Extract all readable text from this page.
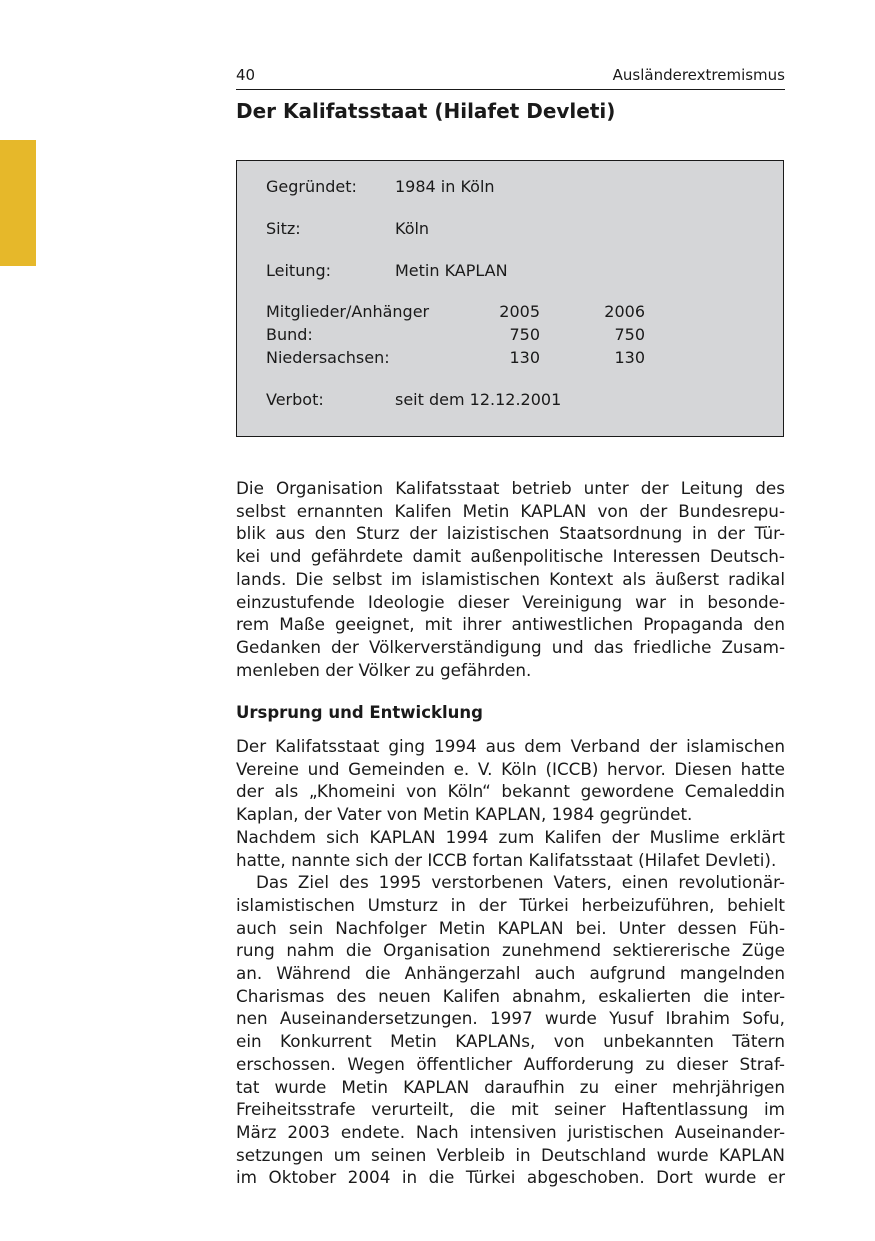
40	Ausländerextremismus
Der Kalifatsstaat (Hilafet Devleti)
Gegründet: 1984 in Köln
Sitz:	Köln
Leitung:	Metin KAPLAN
Mitglieder/Anhänger	2005	2006
Bund:	750	750
Niedersachsen:	130	130
Verbot:	seit dem 12.12.2001

Die Organisation Kalifatsstaat betrieb unter der Leitung des
selbst ernannten Kalifen Metin KAPLAN von der Bundesrepu-
blik aus den Sturz der laizistischen Staatsordnung in der Tür-
kei und gefährdete damit außenpolitische Interessen Deutsch-
lands. Die selbst im islamistischen Kontext als äußerst radikal
einzustufende Ideologie dieser Vereinigung war in besonde-
rem Maße geeignet, mit ihrer antiwestlichen Propaganda den
Gedanken der Völkerverständigung und das friedliche Zusam-
menleben der Völker zu gefährden.

Ursprung und Entwicklung

Der Kalifatsstaat ging 1994 aus dem Verband der islamischen
Vereine und Gemeinden e. V. Köln (ICCB) hervor. Diesen hatte
der als „Khomeini von Köln“ bekannt gewordene Cemaleddin
Kaplan, der Vater von Metin KAPLAN, 1984 gegründet.
Nachdem sich KAPLAN 1994 zum Kalifen der Muslime erklärt
hatte, nannte sich der ICCB fortan Kalifatsstaat (Hilafet Devleti).
Das Ziel des 1995 verstorbenen Vaters, einen revolutionär-
islamistischen Umsturz in der Türkei herbeizuführen, behielt
auch sein Nachfolger Metin KAPLAN bei. Unter dessen Füh-
rung nahm die Organisation zunehmend sektiererische Züge
an. Während die Anhängerzahl auch aufgrund mangelnden
Charismas des neuen Kalifen abnahm, eskalierten die inter-
nen Auseinandersetzungen. 1997 wurde Yusuf Ibrahim Sofu,
ein Konkurrent Metin KAPLANs, von unbekannten Tätern
erschossen. Wegen öffentlicher Aufforderung zu dieser Straf-
tat wurde Metin KAPLAN daraufhin zu einer mehrjährigen
Freiheitsstrafe verurteilt, die mit seiner Haftentlassung im
März 2003 endete. Nach intensiven juristischen Auseinander-
setzungen um seinen Verbleib in Deutschland wurde KAPLAN
im Oktober 2004 in die Türkei abgeschoben. Dort wurde er
